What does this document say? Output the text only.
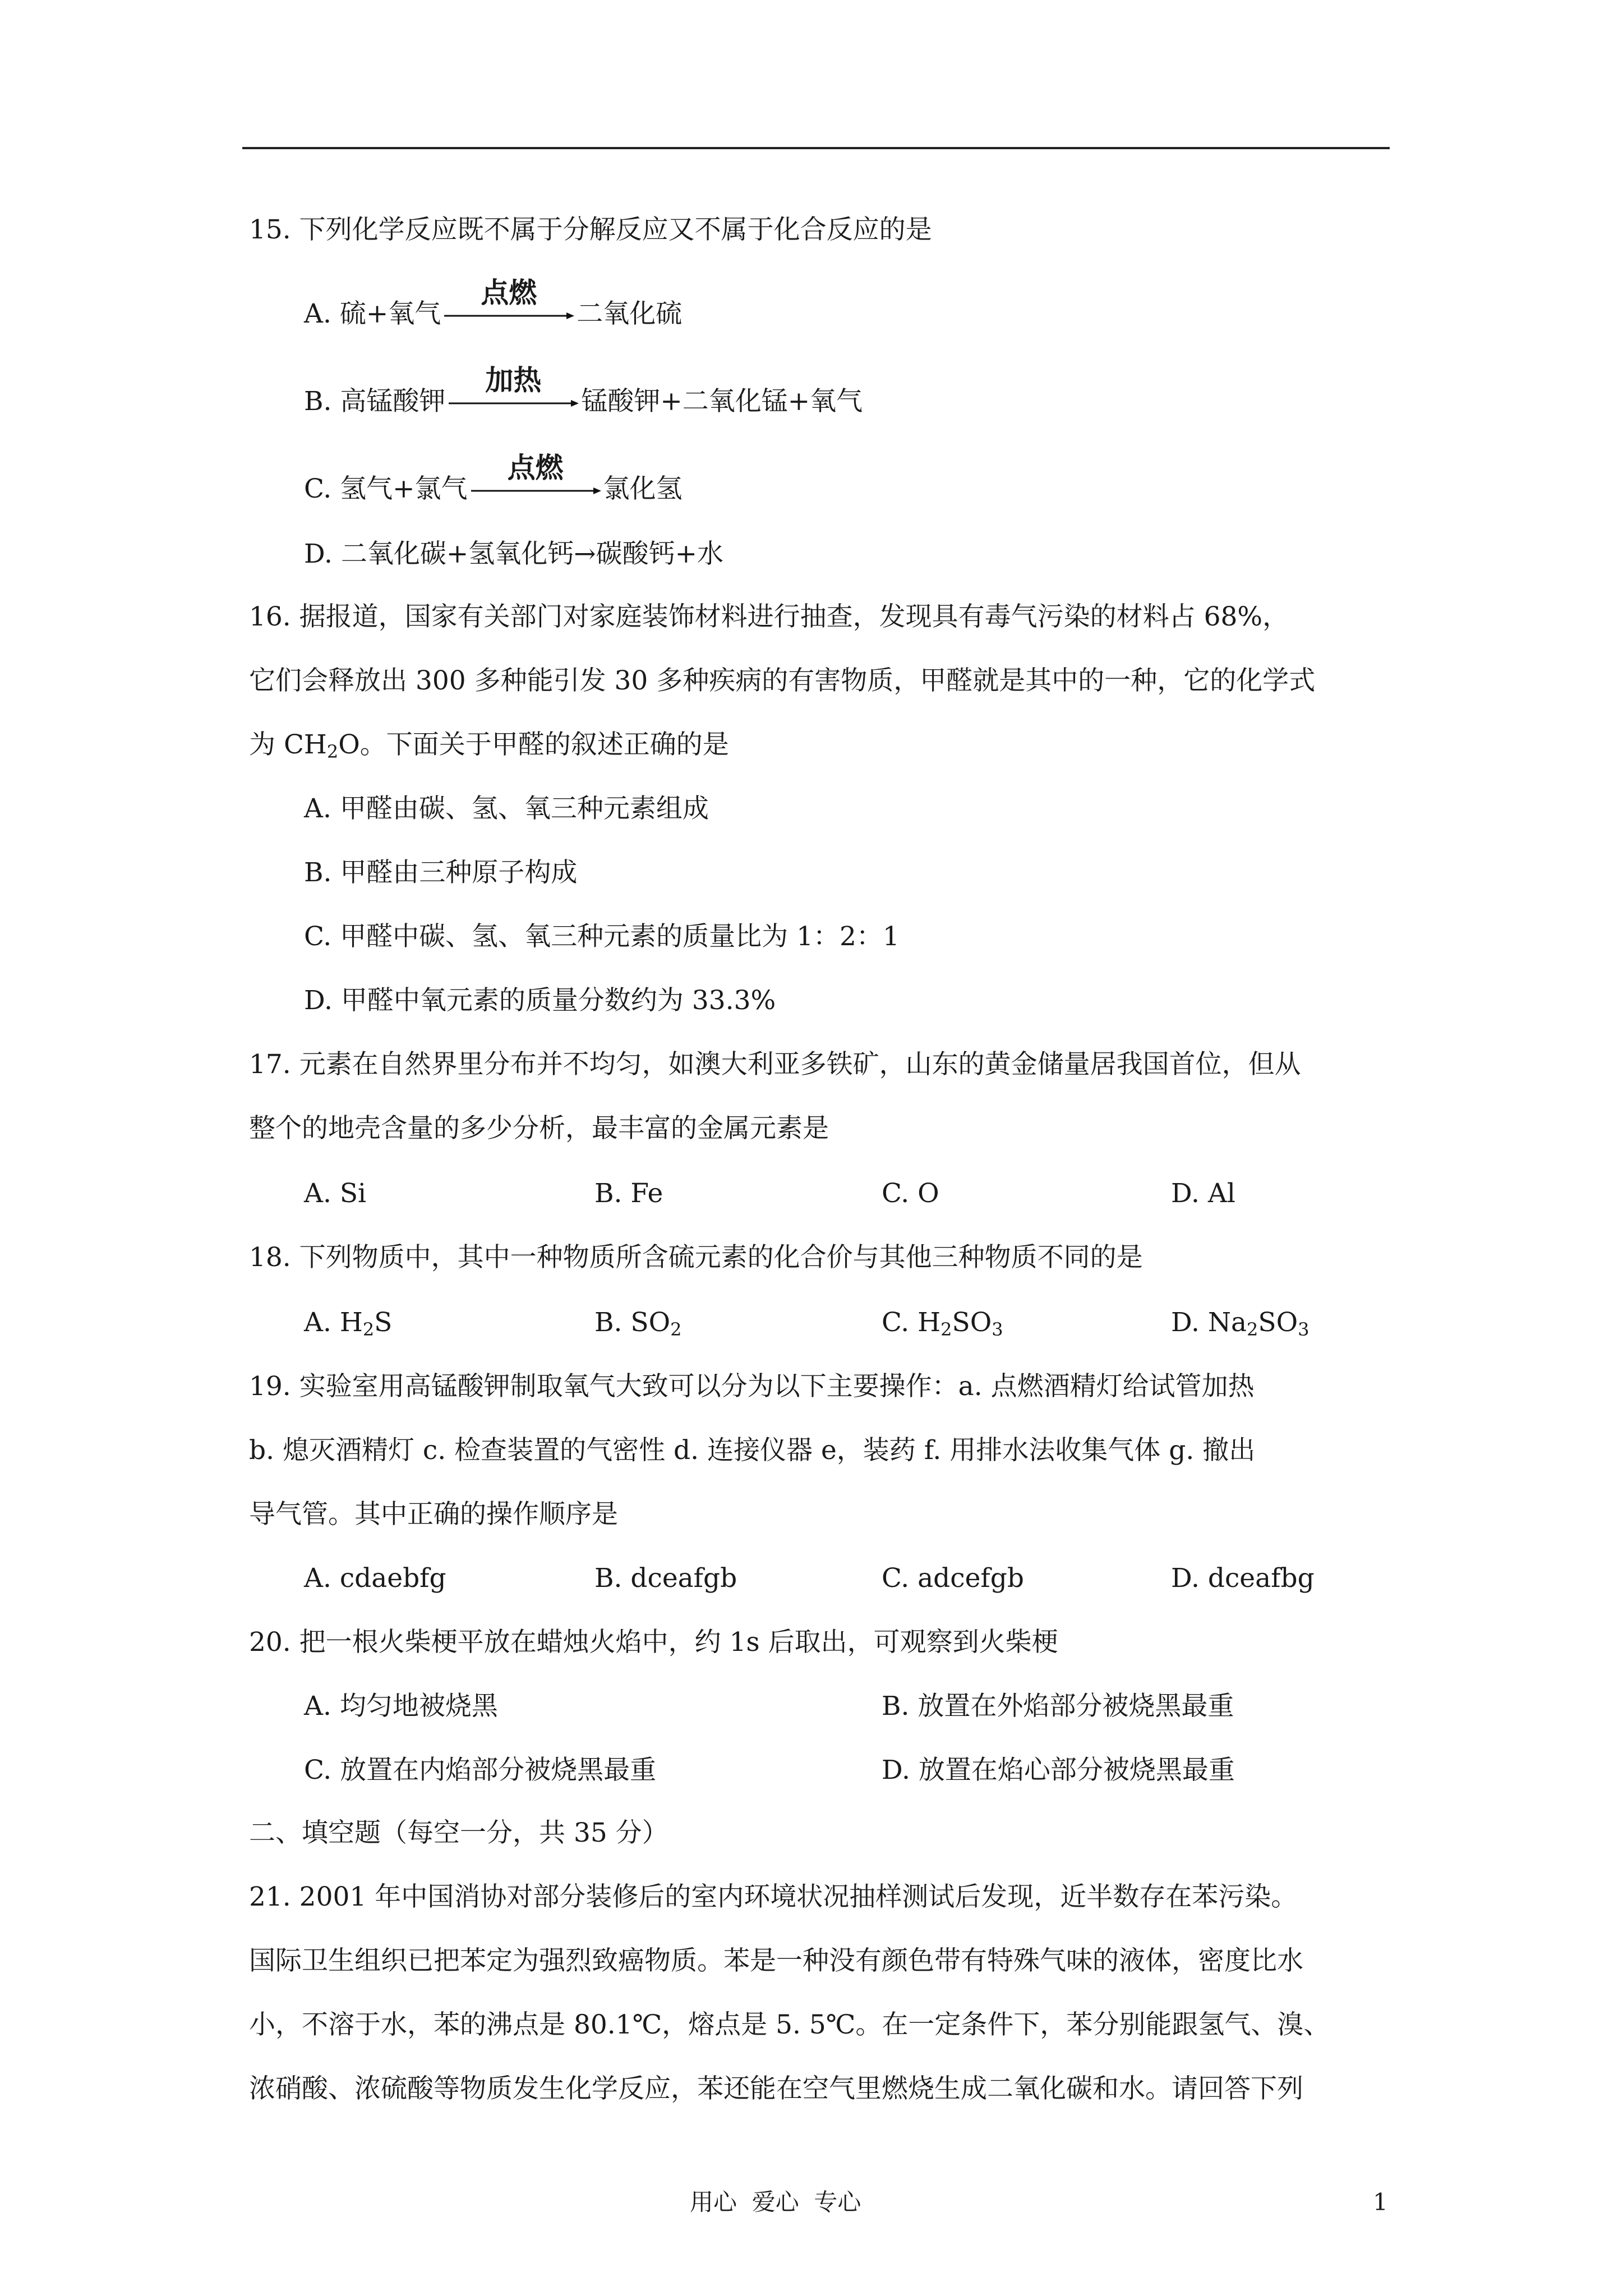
15. 下列化学反应既不属于分解反应又不属于化合反应的是
A. 硫+氧气
点燃
二氧化硫
B. 高锰酸钾
加热
锰酸钾+二氧化锰+氧气
C. 氢气+氯气
点燃
氯化氢
D. 二氧化碳+氢氧化钙→碳酸钙+水
16. 据报道，国家有关部门对家庭装饰材料进行抽查，发现具有毒气污染的材料占 68%，
它们会释放出 300 多种能引发 30 多种疾病的有害物质，甲醛就是其中的一种，它的化学式
为 $CH_2O$。下面关于甲醛的叙述正确的是
A. 甲醛由碳、氢、氧三种元素组成
B. 甲醛由三种原子构成
C. 甲醛中碳、氢、氧三种元素的质量比为 1：2：1
D. 甲醛中氧元素的质量分数约为 33.3%
17. 元素在自然界里分布并不均匀，如澳大利亚多铁矿，山东的黄金储量居我国首位，但从
整个的地壳含量的多少分析，最丰富的金属元素是
A. Si	B. Fe	C. O	D. Al
18. 下列物质中，其中一种物质所含硫元素的化合价与其他三种物质不同的是
A. $H_2S$	B. $SO_2$	C. $H_2SO_3$	D. $Na_2SO_3$
19. 实验室用高锰酸钾制取氧气大致可以分为以下主要操作：a. 点燃酒精灯给试管加热
b. 熄灭酒精灯 c. 检查装置的气密性 d. 连接仪器 e，装药 f. 用排水法收集气体 g. 撤出
导气管。其中正确的操作顺序是
A. cdaebfg	B. dceafgb	C. adcefgb	D. dceafbg
20. 把一根火柴梗平放在蜡烛火焰中，约 1s 后取出，可观察到火柴梗
A. 均匀地被烧黑	B. 放置在外焰部分被烧黑最重
C. 放置在内焰部分被烧黑最重	D. 放置在焰心部分被烧黑最重
二、填空题（每空一分，共 35 分）
21. 2001 年中国消协对部分装修后的室内环境状况抽样测试后发现，近半数存在苯污染。
国际卫生组织已把苯定为强烈致癌物质。苯是一种没有颜色带有特殊气味的液体，密度比水
小，不溶于水，苯的沸点是 80.1℃，熔点是 5. 5℃。在一定条件下，苯分别能跟氢气、溴、
浓硝酸、浓硫酸等物质发生化学反应，苯还能在空气里燃烧生成二氧化碳和水。请回答下列
用心  爱心  专心	1
